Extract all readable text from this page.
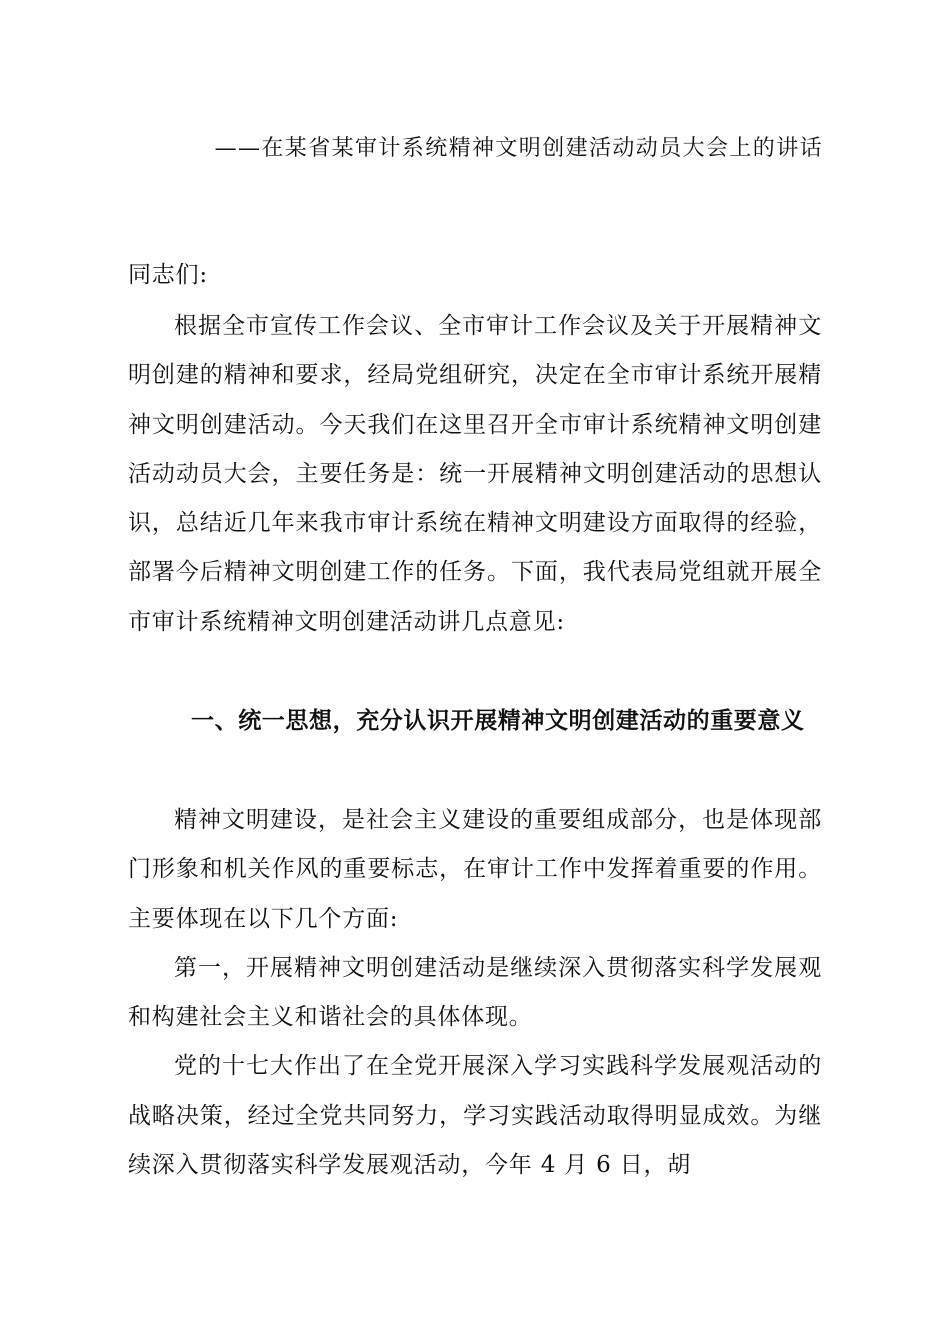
——在某省某审计系统精神文明创建活动动员大会上的讲话
同志们:

根据全市宣传工作会议、全市审计工作会议及关于开展精神文明创建的精神和要求，经局党组研究，决定在全市审计系统开展精神文明创建活动。今天我们在这里召开全市审计系统精神文明创建活动动员大会，主要任务是：统一开展精神文明创建活动的思想认识，总结近几年来我市审计系统在精神文明建设方面取得的经验，部署今后精神文明创建工作的任务。下面，我代表局党组就开展全市审计系统精神文明创建活动讲几点意见:

一、统一思想，充分认识开展精神文明创建活动的重要意义

精神文明建设，是社会主义建设的重要组成部分，也是体现部门形象和机关作风的重要标志，在审计工作中发挥着重要的作用。主要体现在以下几个方面:

第一，开展精神文明创建活动是继续深入贯彻落实科学发展观和构建社会主义和谐社会的具体体现。

党的十七大作出了在全党开展深入学习实践科学发展观活动的战略决策，经过全党共同努力，学习实践活动取得明显成效。为继续深入贯彻落实科学发展观活动，今年 4 月 6 日，胡
